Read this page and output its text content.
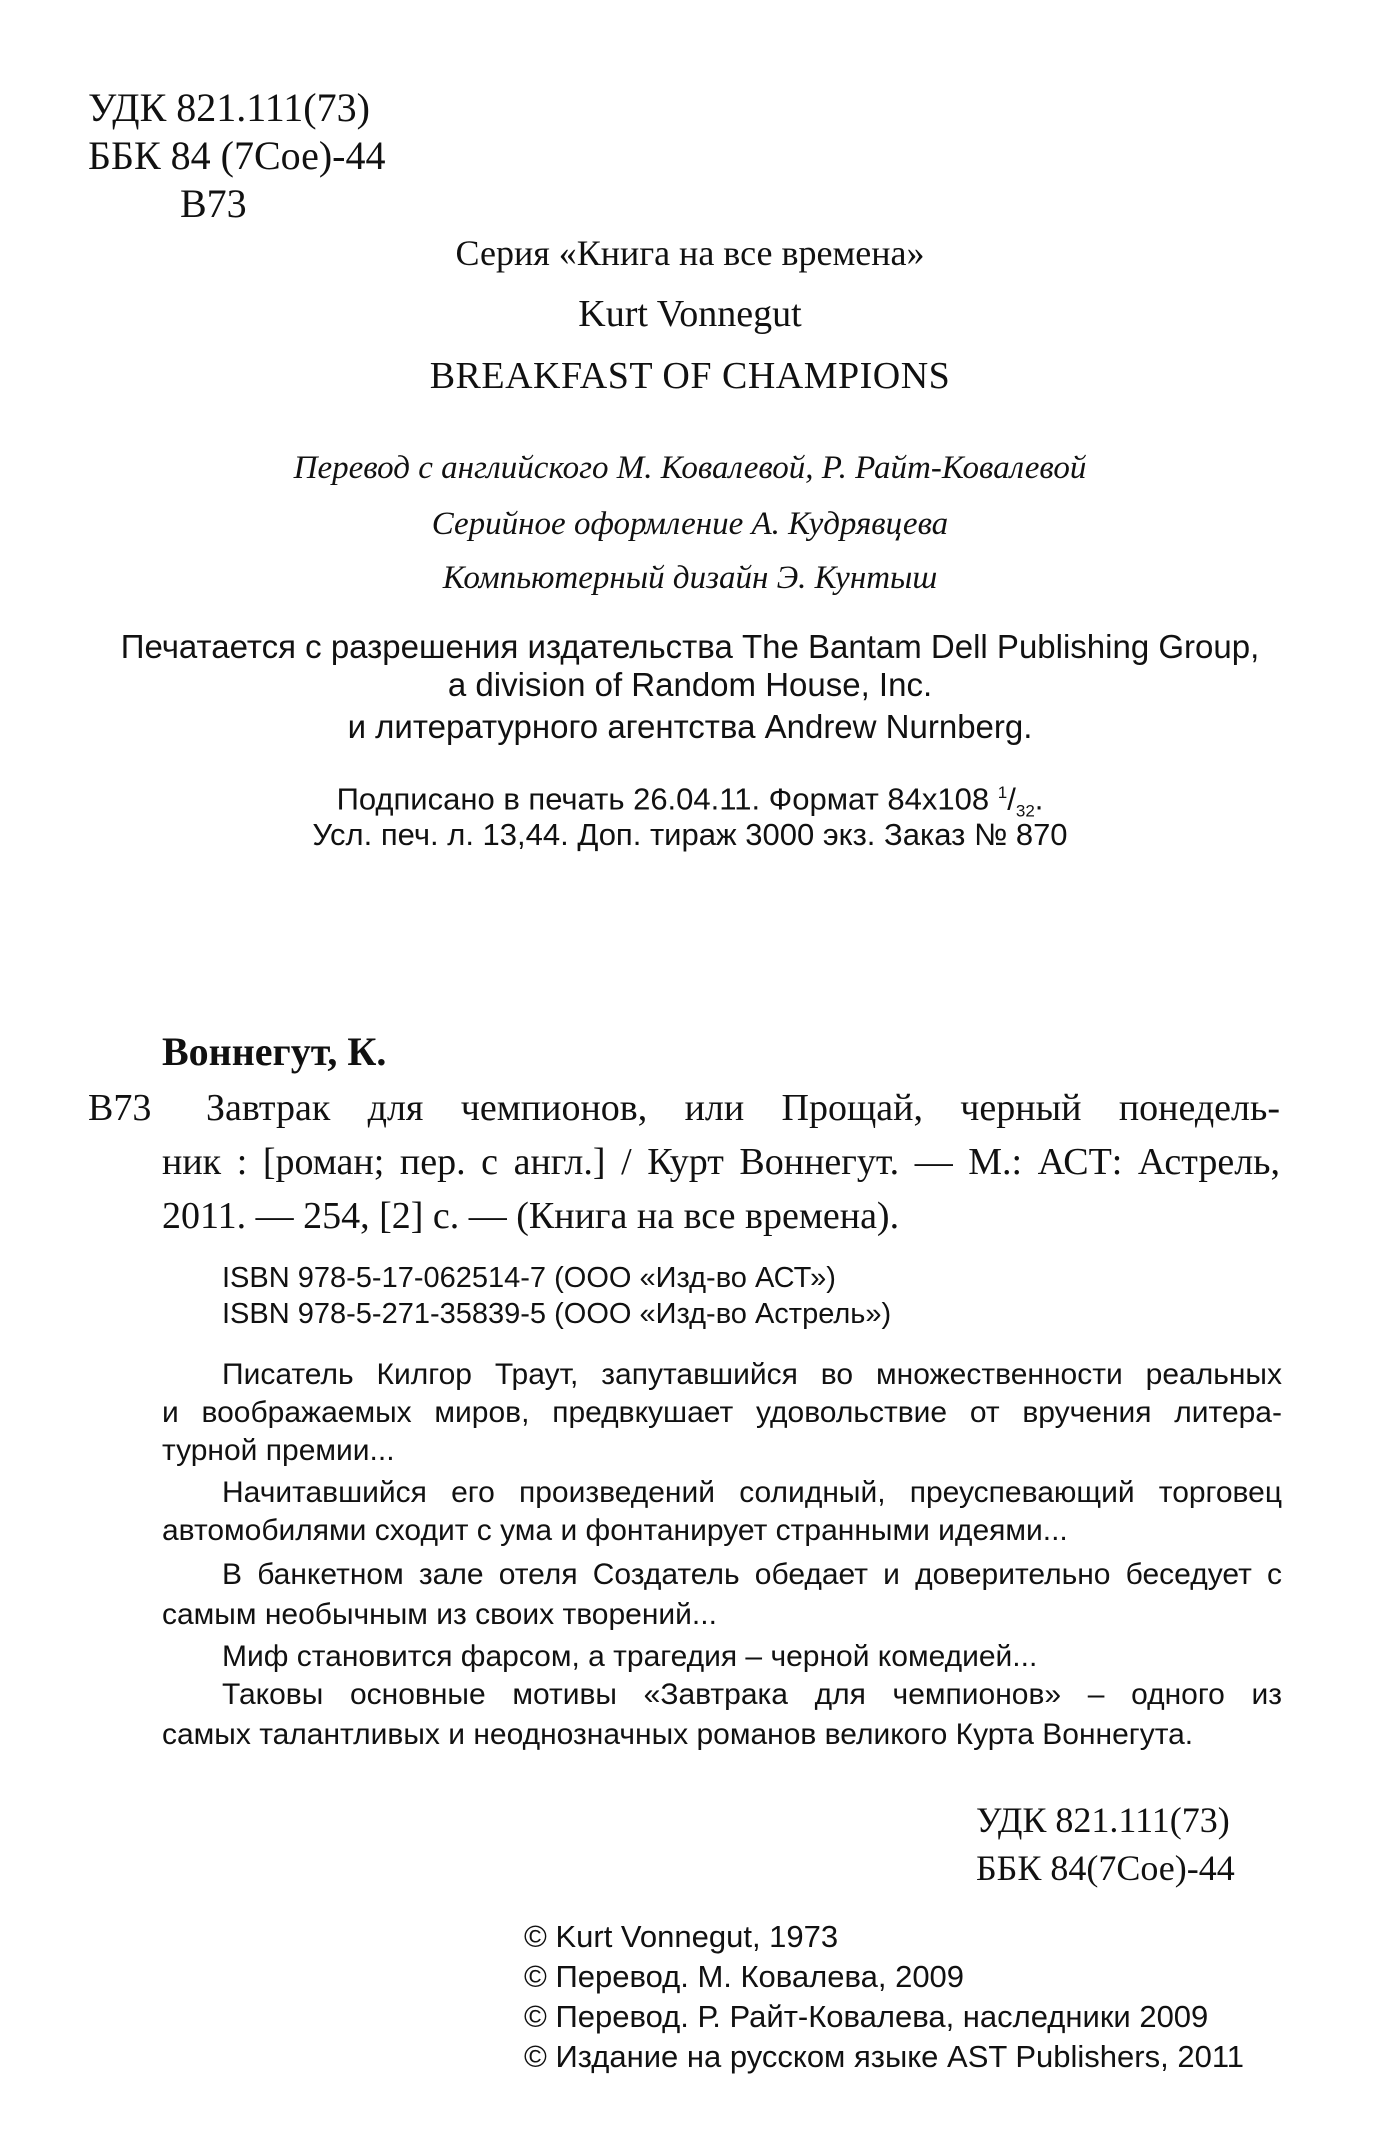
УДК 821.111(73)
ББК 84 (7Сое)-44
В73
Серия «Книга на все времена»
Kurt Vonnegut
BREAKFAST OF CHAMPIONS
Перевод с английского М. Ковалевой, Р. Райт-Ковалевой
Серийное оформление А. Кудрявцева
Компьютерный дизайн Э. Кунтыш
Печатается с разрешения издательства The Bantam Dell Publishing Group,
a division of Random House, Inc.
и литературного агентства Andrew Nurnberg.
Подписано в печать 26.04.11. Формат 84х108 $^1/_{32}$.
Усл. печ. л. 13,44. Доп. тираж 3000 экз. Заказ № 870
Воннегут, К.
В73 Завтрак для чемпионов, или Прощай, черный понедель-
ник : [роман; пер. с англ.] / Курт Воннегут. — М.: АСТ: Астрель,
2011. — 254, [2] с. — (Книга на все времена).
ISBN 978-5-17-062514-7 (ООО «Изд-во АСТ»)
ISBN 978-5-271-35839-5 (ООО «Изд-во Астрель»)
Писатель Килгор Траут, запутавшийся во множественности реальных
и воображаемых миров, предвкушает удовольствие от вручения литера-
турной премии...
Начитавшийся его произведений солидный, преуспевающий торговец
автомобилями сходит с ума и фонтанирует странными идеями...
В банкетном зале отеля Создатель обедает и доверительно беседует с
самым необычным из своих творений...
Миф становится фарсом, а трагедия – черной комедией...
Таковы основные мотивы «Завтрака для чемпионов» – одного из
самых талантливых и неоднозначных романов великого Курта Воннегута.
УДК 821.111(73)
ББК 84(7Сое)-44
© Kurt Vonnegut, 1973
© Перевод. М. Ковалева, 2009
© Перевод. Р. Райт-Ковалева, наследники 2009
© Издание на русском языке AST Publishers, 2011
